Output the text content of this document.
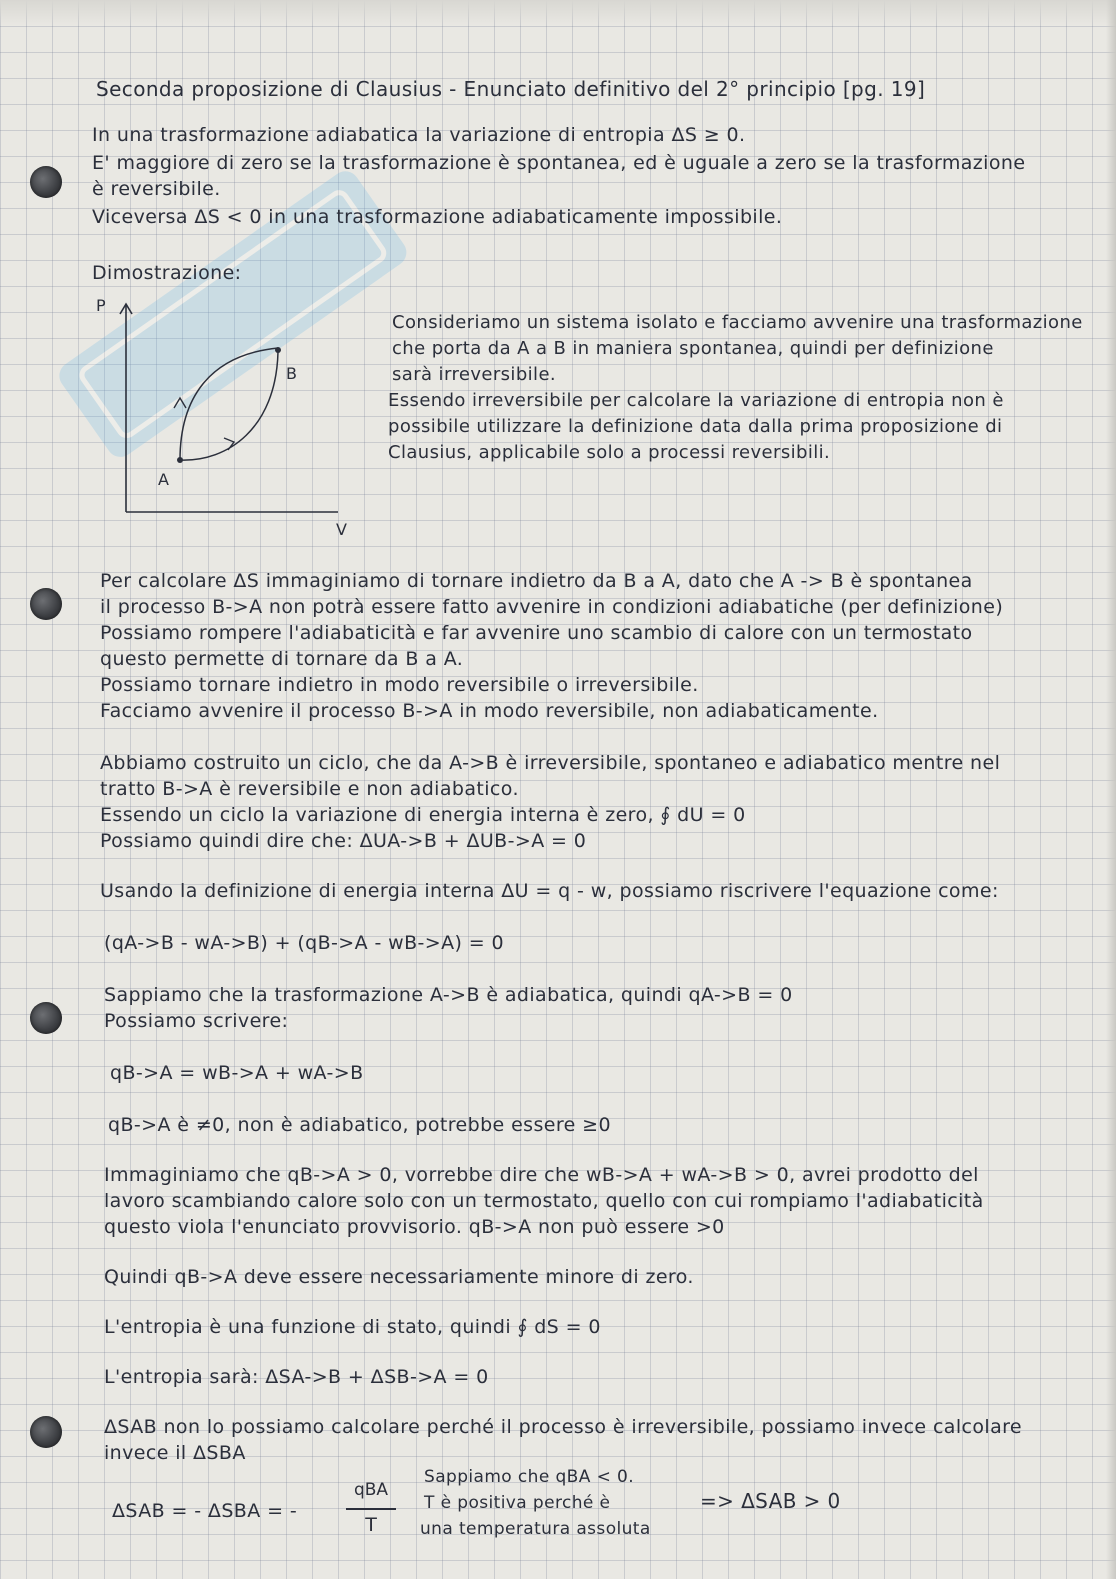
Seconda proposizione di Clausius - Enunciato definitivo del 2° principio [pg. 19]
In una trasformazione adiabatica la variazione di entropia ΔS ≥ 0.
E' maggiore di zero se la trasformazione è spontanea, ed è uguale a zero se la trasformazione
è reversibile.
Viceversa ΔS < 0 in una trasformazione adiabaticamente impossibile.
Dimostrazione:
P
V
A
B
Consideriamo un sistema isolato e facciamo avvenire una trasformazione
che porta da A a B in maniera spontanea, quindi per definizione
sarà irreversibile.
Essendo irreversibile per calcolare la variazione di entropia non è
possibile utilizzare la definizione data dalla prima proposizione di
Clausius, applicabile solo a processi reversibili.
Per calcolare ΔS immaginiamo di tornare indietro da B a A, dato che A -> B è spontanea
il processo B->A non potrà essere fatto avvenire in condizioni adiabatiche (per definizione)
Possiamo rompere l'adiabaticità e far avvenire uno scambio di calore con un termostato
questo permette di tornare da B a A.
Possiamo tornare indietro in modo reversibile o irreversibile.
Facciamo avvenire il processo B->A in modo reversibile, non adiabaticamente.
Abbiamo costruito un ciclo, che da A->B è irreversibile, spontaneo e adiabatico mentre nel
tratto B->A è reversibile e non adiabatico.
Essendo un ciclo la variazione di energia interna è zero, ∮ dU = 0
Possiamo quindi dire che: ΔUA->B + ΔUB->A = 0
Usando la definizione di energia interna ΔU = q - w, possiamo riscrivere l'equazione come:
(qA->B - wA->B) + (qB->A - wB->A) = 0
Sappiamo che la trasformazione A->B è adiabatica, quindi qA->B = 0
Possiamo scrivere:
qB->A = wB->A + wA->B
qB->A è ≠0, non è adiabatico, potrebbe essere ≥0
Immaginiamo che qB->A > 0, vorrebbe dire che wB->A + wA->B > 0, avrei prodotto del
lavoro scambiando calore solo con un termostato, quello con cui rompiamo l'adiabaticità
questo viola l'enunciato provvisorio. qB->A non può essere >0
Quindi qB->A deve essere necessariamente minore di zero.
L'entropia è una funzione di stato, quindi ∮ dS = 0
L'entropia sarà: ΔSA->B + ΔSB->A = 0
ΔSAB non lo possiamo calcolare perché il processo è irreversibile, possiamo invece calcolare
invece il ΔSBA
ΔSAB = - ΔSBA = -
qBA
T
Sappiamo che qBA < 0.
T è positiva perché è
una temperatura assoluta
=> ΔSAB > 0
